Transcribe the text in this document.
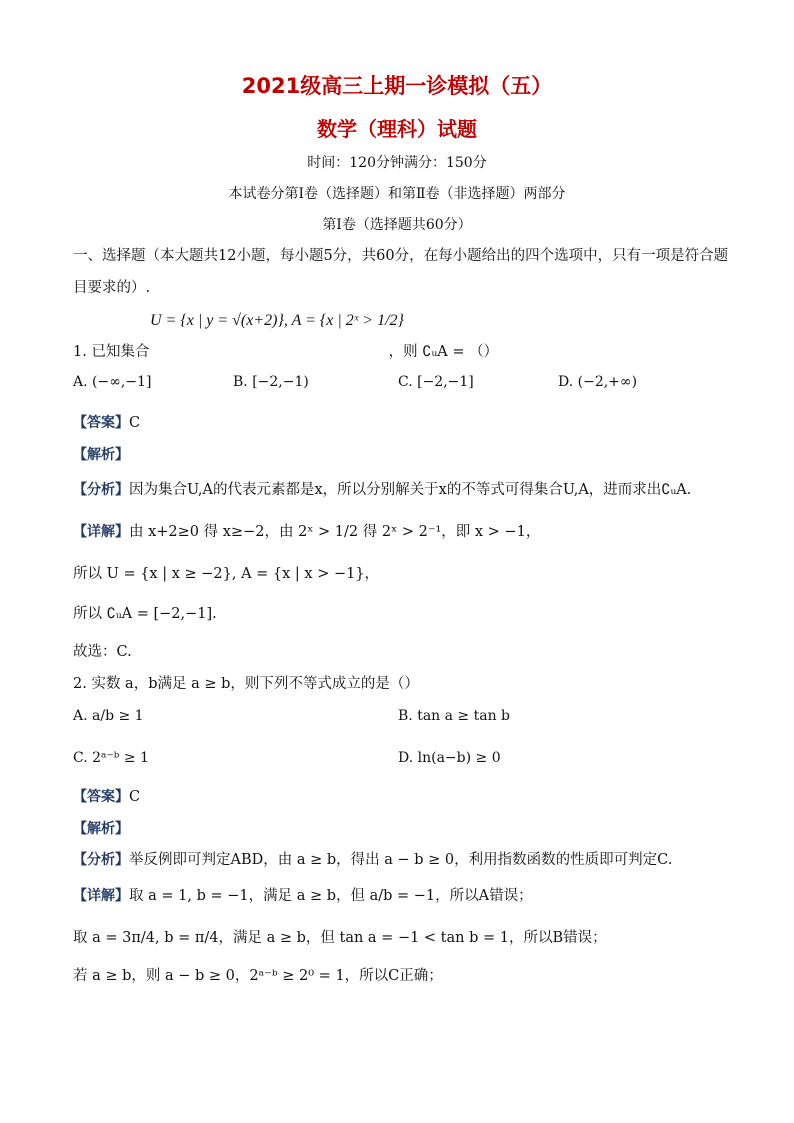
2021级高三上期一诊模拟（五）
数学（理科）试题
时间：120分钟满分：150分
本试卷分第Ⅰ卷（选择题）和第Ⅱ卷（非选择题）两部分
第Ⅰ卷（选择题共60分）
一、选择题（本大题共12小题，每小题5分，共60分，在每小题给出的四个选项中，只有一项是符合题
目要求的）.
U = {x | y = √(x+2)}, A = {x | 2ˣ > 1/2}
1. 已知集合	，则 ∁ᵤA = （）
A. (−∞,−1]	B. [−2,−1)	C. [−2,−1]	D. (−2,+∞)
【答案】C
【解析】
【分析】因为集合U,A的代表元素都是x，所以分别解关于x的不等式可得集合U,A，进而求出∁ᵤA.
【详解】由 x+2≥0 得 x≥−2，由 2ˣ > 1/2 得 2ˣ > 2⁻¹，即 x > −1，
所以 U = {x | x ≥ −2}, A = {x | x > −1}，
所以 ∁ᵤA = [−2,−1].
故选：C.
2. 实数 a，b满足 a ≥ b，则下列不等式成立的是（）
A. a/b ≥ 1	B. tan a ≥ tan b
C. 2ᵃ⁻ᵇ ≥ 1	D. ln(a−b) ≥ 0
【答案】C
【解析】
【分析】举反例即可判定ABD，由 a ≥ b，得出 a − b ≥ 0，利用指数函数的性质即可判定C.
【详解】取 a = 1, b = −1，满足 a ≥ b，但 a/b = −1，所以A错误；
取 a = 3π/4, b = π/4，满足 a ≥ b，但 tan a = −1 < tan b = 1，所以B错误；
若 a ≥ b，则 a − b ≥ 0，2ᵃ⁻ᵇ ≥ 2⁰ = 1，所以C正确；
